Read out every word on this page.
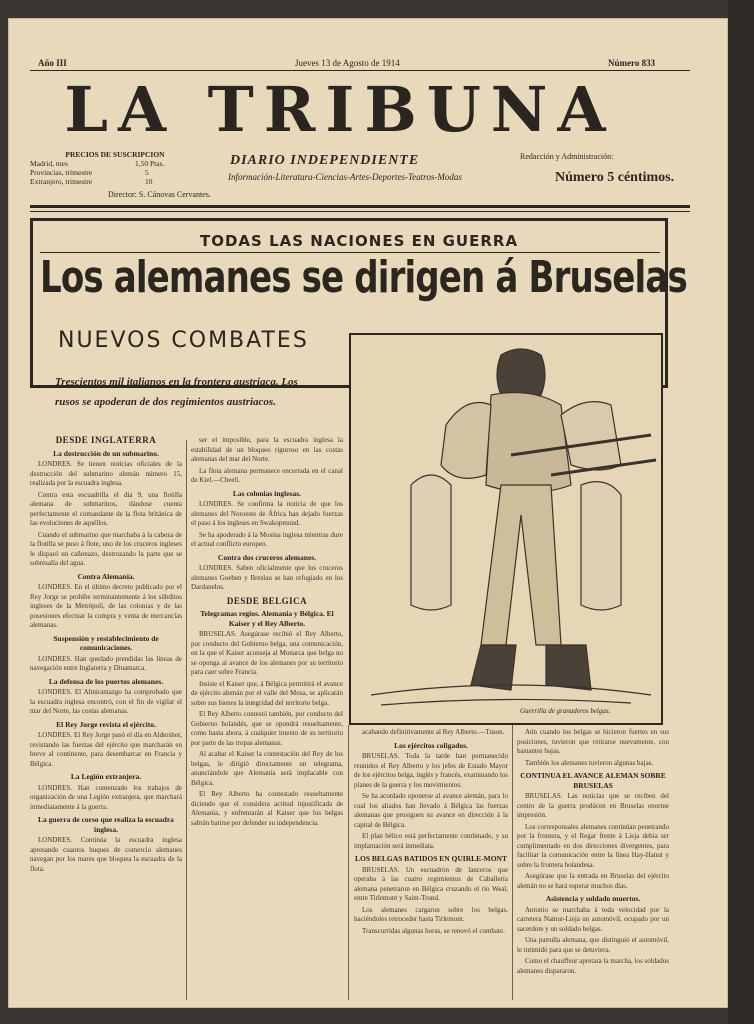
Año III	Jueves 13 de Agosto de 1914	Número 833
LA TRIBUNA
DIARIO INDEPENDIENTE
Información-Literatura-Ciencias-Artes-Deportes-Teatros-Modas
PRECIOS DE SUSCRIPCION
Madrid, mes	1,50 Ptas.
Provincias, trimestre	5
Extranjero, trimestre	10
Director: S. Cánovas Cervantes.
Redacción y Administración:
Número 5 céntimos.
TODAS LAS NACIONES EN GUERRA
Los alemanes se dirigen á Bruselas
NUEVOS COMBATES
Trescientos mil italianos en la frontera austriaca. Los
rusos se apoderan de dos regimientos austriacos.
Guerrilla de granaderos belgas.
DESDE INGLATERRA
La destrucción de un submarino.

LONDRES. Se tienen noticias oficiales de la destrucción del submarino alemán número 15, realizada por la escuadra inglesa.

Contra esta escuadrilla el día 9, una flotilla alemana de submarinos, dándose cuenta perfectamente el comandante de la flota británica de las evoluciones de aquéllos.

Cuando el submarino que marchaba á la cabeza de la flotilla se puso á flote, uno de los cruceros ingleses le disparó un cañonazo, destrozando la parte que se sobresalía del agua.

Contra Alemania.

LONDRES. En el último decreto publicado por el Rey Jorge se prohibe terminantemente á los súbditos ingleses de la Metrópoli, de las colonias y de las posesiones efectuar la compra y venta de mercancías alemanas.

Suspensión y restablecimiento de comunicaciones.

LONDRES. Han quedado prendidas las líneas de navegación entre Inglaterra y Dinamarca.

La defensa de los puertos alemanes.

LONDRES. El Almirantazgo ha comprobado que la escuadra inglesa encontró, con el fin de vigilar el mar del Norte, las costas alemanas.

El Rey Jorge revista el ejército.

LONDRES. El Rey Jorge pasó el día en Aldershot, revistando las fuerzas del ejército que marcharán en breve al continente, para desembarcar en Francia y Bélgica.

La Legión extranjera.

LONDRES. Han comenzado los trabajos de organización de una Legión extranjera, que marchará inmediatamente á la guerra.

La guerra de corso que realiza la escuadra inglesa.

LONDRES. Continúa la escuadra inglesa apresando cuantos buques de comercio alemanes navegan por los mares que bloquea la escuadra de la flota.

ser el imposible, para la escuadra inglesa la estabilidad de un bloqueo riguroso en las costas alemanas del mar del Norte.

La flota alemana permanece encerrada en el canal de Kiel.—Cheeli.

Las colonias inglesas.

LONDRES. Se confirma la noticia de que los alemanes del Noroeste de África han dejado fuerzas el paso á los ingleses en Swakopmund.

Se ha apoderado á la Mosina inglesa mientras dure el actual conflicto europeo.

Contra dos cruceros alemanes.

LONDRES. Saben oficialmente que los cruceros alemanes Goeben y Breslau se han refugiado en los Dardanelos.

DESDE BELGICA
Telegramas regios. Alemania y Bélgica. El Kaiser y el Rey Alberto.

BRUSELAS. Asegúrase recibió el Rey Alberto, por conducto del Gobierno belga, una comunicación, en la que el Kaiser aconseja al Monarca que belga no se oponga al avance de los alemanes por su territorio para caer sobre Francia.

Insiste el Kaiser que, á Bélgica permitirá el avance de ejército alemán por el valle del Mosa, se aplicarán sobre sus bienes la integridad del territorio belga.

El Rey Alberto contestó también, por conducto del Gobierno holandés, que se opondrá resueltamente, como hasta ahora, á cualquier intento de su territorio por parte de las tropas alemanas.

Al acabar el Kaiser la contestación del Rey de los belgas, le dirigió directamente un telegrama, anunciándole que Alemania será implacable con Bélgica.

El Rey Alberto ha contestado resueltamente diciendo que el considera actitud injustificada de Alemania, y enfrentarán al Kaiser que los belgas sabrán batirse por defender su independencia.

acabando definitivamente al Rey Alberto.—Tuson.

Los ejércitos coligados.

BRUSELAS. Toda la tarde han permanecido reunidos el Rey Alberto y los jefes de Estado Mayor de los ejércitos belga, inglés y francés, examinando los planes de la guerra y los movimientos.

Se ha acordado oponerse al avance alemán, para lo cual los aliados han llevado á Bélgica las fuerzas alemanas que prosiguen su avance en dirección á la capital de Bélgica.

El plan bélico está perfectamente combinado, y su implantación será inmediata.

LOS BELGAS BATIDOS EN QUIRLE-MONT

BRUSELAS. Un escuadrón de lanceros que operaba á las cuatro regimientos de Caballería alemana penetraron en Bélgica cruzando el río Weal, entre Tirlemont y Saint-Trond.

Los alemanes cargaron sobre los belgas, haciéndoles retroceder hasta Tirlemont.

Transcurridas algunas horas, se renovó el combate.

Aún cuando los belgas se hicieron fuertes en sus posiciones, tuvieron que retirarse nuevamente, con bastantes bajas.

También los alemanes tuvieron algunas bajas.

CONTINUA EL AVANCE ALEMAN SOBRE BRUSELAS

BRUSELAS. Las noticias que se reciben del centro de la guerra prodúcen en Bruselas enorme impresión.

Los corresponsales alemanes continúan penetrando por la frontera, y el Regar frente á Lieja debía ser cumplimentado en dos direcciones divergentes, para facilitar la comunicación entre la línea Hay-Hanut y sobre la frontera holandesa.

Asegúrase que la entrada en Bruselas del ejército alemán no se hará esperar muchos días.

Asistencia y soldado muertos.

Antonio se marchaba á toda velocidad por la carretera Namur-Lieja un automóvil, ocupado por un sacerdote y un soldado belgas.

Una patrulla alemana, que distinguió el automóvil, le intimidó para que se detuviera.

Como el chauffeur apretara la marcha, los soldados alemanes dispararon.
